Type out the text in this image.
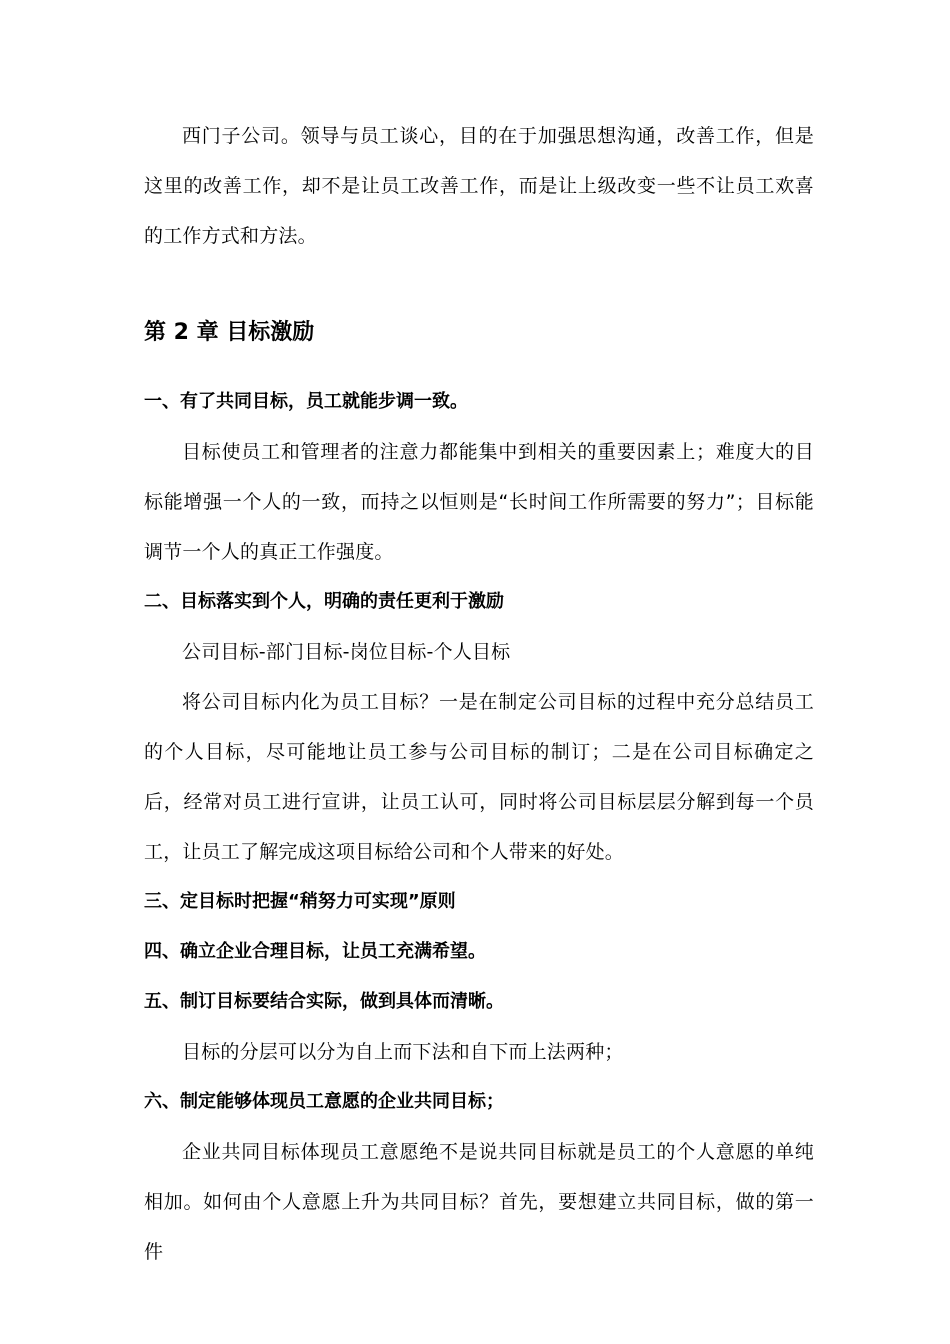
西门子公司。领导与员工谈心，目的在于加强思想沟通，改善工作，但是这里的改善工作，却不是让员工改善工作，而是让上级改变一些不让员工欢喜的工作方式和方法。

第 2 章 目标激励
一、有了共同目标，员工就能步调一致。

目标使员工和管理者的注意力都能集中到相关的重要因素上；难度大的目标能增强一个人的一致，而持之以恒则是“长时间工作所需要的努力”；目标能调节一个人的真正工作强度。

二、目标落实到个人，明确的责任更利于激励

公司目标-部门目标-岗位目标-个人目标

将公司目标内化为员工目标？一是在制定公司目标的过程中充分总结员工的个人目标，尽可能地让员工参与公司目标的制订；二是在公司目标确定之后，经常对员工进行宣讲，让员工认可，同时将公司目标层层分解到每一个员工，让员工了解完成这项目标给公司和个人带来的好处。

三、定目标时把握“稍努力可实现”原则
四、确立企业合理目标，让员工充满希望。
五、制订目标要结合实际，做到具体而清晰。

目标的分层可以分为自上而下法和自下而上法两种；

六、制定能够体现员工意愿的企业共同目标；

企业共同目标体现员工意愿绝不是说共同目标就是员工的个人意愿的单纯相加。如何由个人意愿上升为共同目标？首先，要想建立共同目标，做的第一件
